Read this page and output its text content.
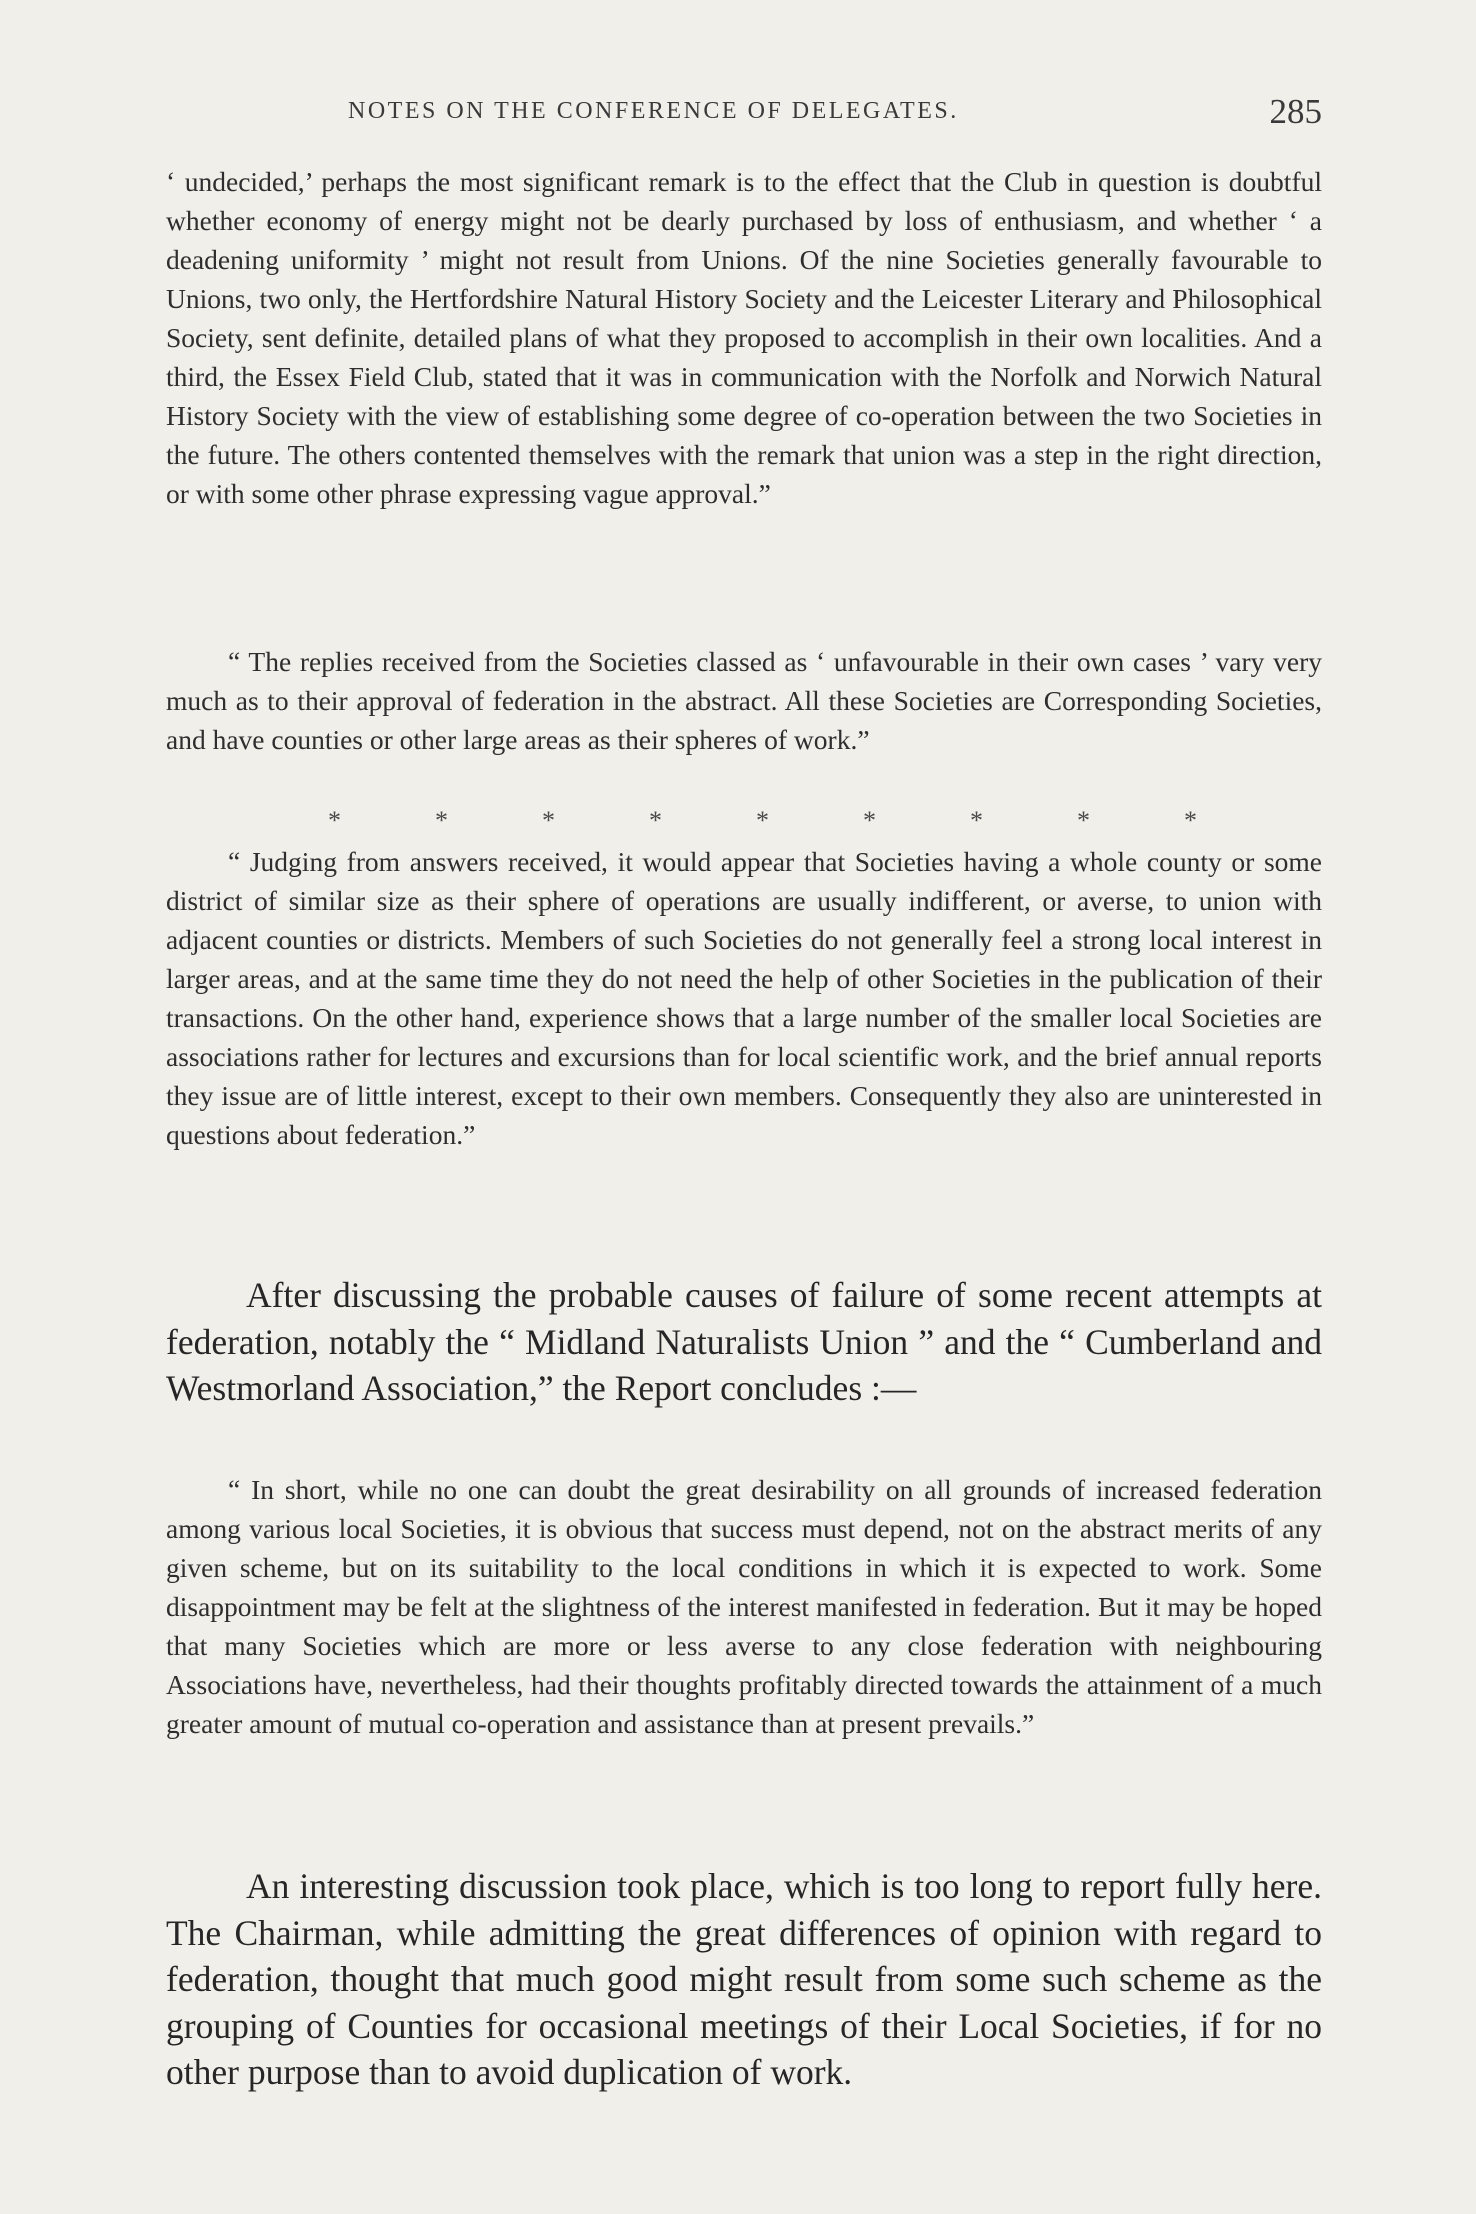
NOTES ON THE CONFERENCE OF DELEGATES.	285

‘ undecided,’ perhaps the most significant remark is to the effect that the Club in question is doubtful whether economy of energy might not be dearly purchased by loss of enthusiasm, and whether ‘ a deadening uniformity ’ might not result from Unions. Of the nine Societies generally favourable to Unions, two only, the Hertfordshire Natural History Society and the Leicester Literary and Philosophical Society, sent definite, detailed plans of what they proposed to accomplish in their own localities. And a third, the Essex Field Club, stated that it was in communication with the Norfolk and Norwich Natural History Society with the view of establishing some degree of co-operation between the two Societies in the future. The others contented themselves with the remark that union was a step in the right direction, or with some other phrase expressing vague approval.”

“ The replies received from the Societies classed as ‘ unfavourable in their own cases ’ vary very much as to their approval of federation in the abstract. All these Societies are Corresponding Societies, and have counties or other large areas as their spheres of work.”

*	*	*	*	*	*	*	*	*

“ Judging from answers received, it would appear that Societies having a whole county or some district of similar size as their sphere of operations are usually indifferent, or averse, to union with adjacent counties or districts. Members of such Societies do not generally feel a strong local interest in larger areas, and at the same time they do not need the help of other Societies in the publication of their transactions. On the other hand, experience shows that a large number of the smaller local Societies are associations rather for lectures and excursions than for local scientific work, and the brief annual reports they issue are of little interest, except to their own members. Consequently they also are uninterested in questions about federation.”

After discussing the probable causes of failure of some recent attempts at federation, notably the “ Midland Naturalists Union ” and the “ Cumberland and Westmorland Association,” the Report concludes :—

“ In short, while no one can doubt the great desirability on all grounds of increased federation among various local Societies, it is obvious that success must depend, not on the abstract merits of any given scheme, but on its suitability to the local conditions in which it is expected to work. Some disappointment may be felt at the slightness of the interest manifested in federation. But it may be hoped that many Societies which are more or less averse to any close federation with neighbouring Associations have, nevertheless, had their thoughts profitably directed towards the attainment of a much greater amount of mutual co-operation and assistance than at present prevails.”

An interesting discussion took place, which is too long to report fully here. The Chairman, while admitting the great differences of opinion with regard to federation, thought that much good might result from some such scheme as the grouping of Counties for occasional meetings of their Local Societies, if for no other purpose than to avoid duplication of work.
